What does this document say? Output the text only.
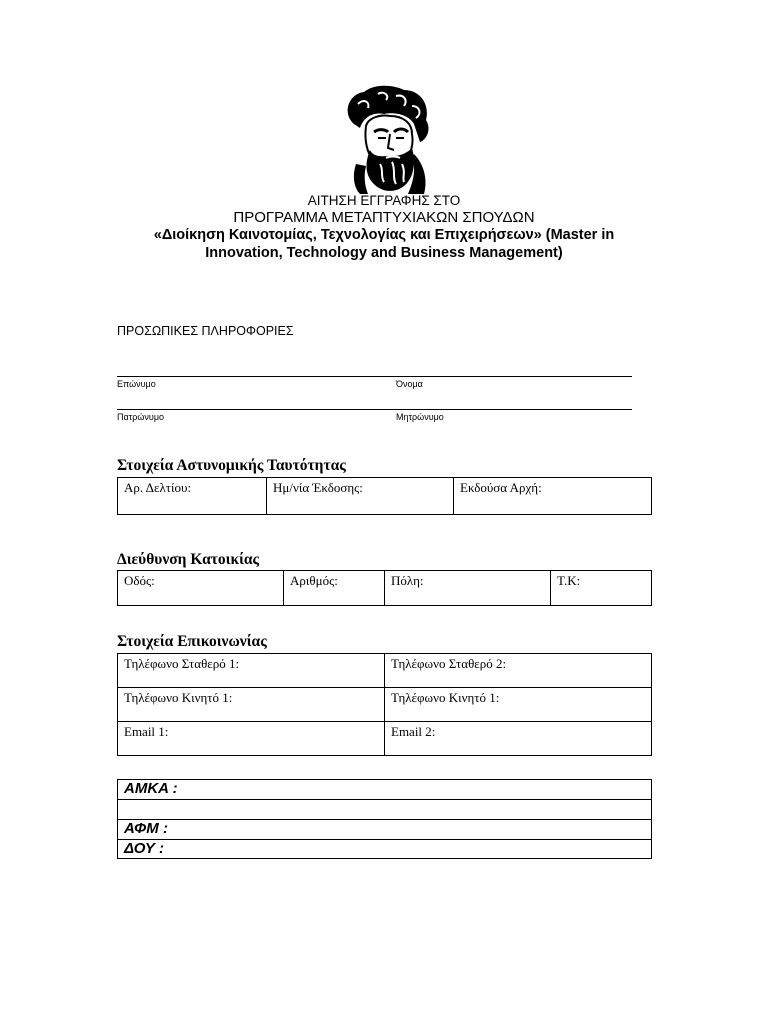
ΑΙΤΗΣΗ ΕΓΓΡΑΦΗΣ ΣΤΟ
ΠΡΟΓΡΑΜΜΑ ΜΕΤΑΠΤΥΧΙΑΚΩΝ ΣΠΟΥΔΩΝ
«Διοίκηση Καινοτομίας, Τεχνολογίας και Επιχειρήσεων» (Master in
Innovation, Technology and Business Management)
ΠΡΟΣΩΠΙΚΕΣ ΠΛΗΡΟΦΟΡΙΕΣ
Επώνυμο	Όνομα
Πατρώνυμο	Μητρώνυμο
Στοιχεία Αστυνομικής Ταυτότητας
Αρ. Δελτίου:	Ημ/νία Έκδοσης:	Εκδούσα Αρχή:
Διεύθυνση Κατοικίας
Οδός:	Αριθμός:	Πόλη:	Τ.Κ:
Στοιχεία Επικοινωνίας
Τηλέφωνο Σταθερό 1:	Τηλέφωνο Σταθερό 2:
Τηλέφωνο Κινητό 1:	Τηλέφωνο Κινητό 1:
Email 1:	Email 2:
ΑΜΚΑ :

ΑΦΜ :
ΔΟΥ :
